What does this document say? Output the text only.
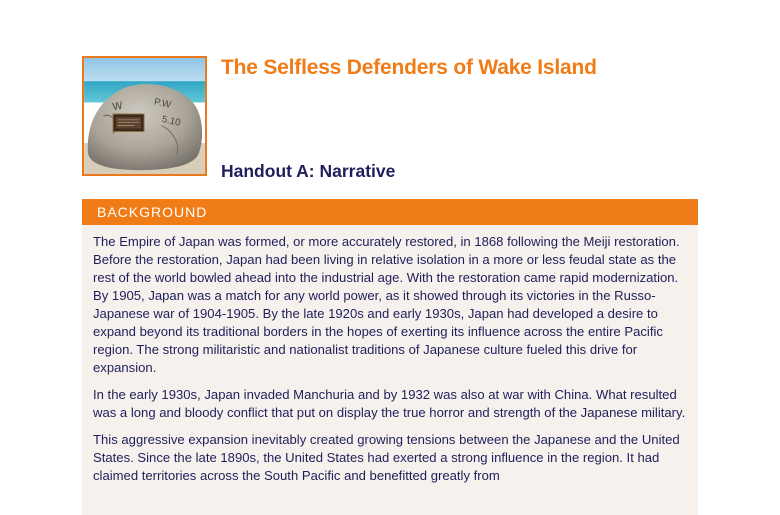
W	P.W
5.10
The Selfless Defenders of Wake Island
Handout A: Narrative
BACKGROUND

The Empire of Japan was formed, or more accurately restored, in 1868 following the Meiji restoration. Before the restoration, Japan had been living in relative isolation in a more or less feudal state as the rest of the world bowled ahead into the industrial age. With the restoration came rapid modernization. By 1905, Japan was a match for any world power, as it showed through its victories in the Russo-Japanese war of 1904-1905. By the late 1920s and early 1930s, Japan had developed a desire to expand beyond its traditional borders in the hopes of exerting its influence across the entire Pacific region. The strong militaristic and nationalist traditions of Japanese culture fueled this drive for expansion.

In the early 1930s, Japan invaded Manchuria and by 1932 was also at war with China. What resulted was a long and bloody conflict that put on display the true horror and strength of the Japanese military.

This aggressive expansion inevitably created growing tensions between the Japanese and the United States. Since the late 1890s, the United States had exerted a strong influence in the region. It had claimed territories across the South Pacific and benefitted greatly from
